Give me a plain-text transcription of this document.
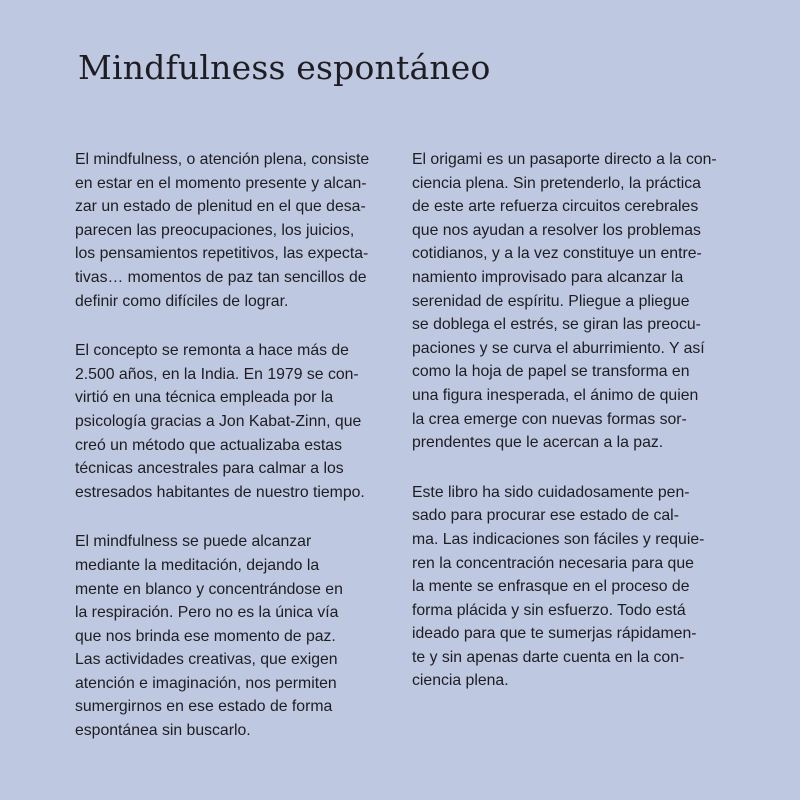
Mindfulness espontáneo

El mindfulness, o atención plena, consiste
en estar en el momento presente y alcan-
zar un estado de plenitud en el que desa-
parecen las preocupaciones, los juicios,
los pensamientos repetitivos, las expecta-
tivas… momentos de paz tan sencillos de
definir como difíciles de lograr.

El concepto se remonta a hace más de
2.500 años, en la India. En 1979 se con-
virtió en una técnica empleada por la
psicología gracias a Jon Kabat-Zinn, que
creó un método que actualizaba estas
técnicas ancestrales para calmar a los
estresados habitantes de nuestro tiempo.

El mindfulness se puede alcanzar
mediante la meditación, dejando la
mente en blanco y concentrándose en
la respiración. Pero no es la única vía
que nos brinda ese momento de paz.
Las actividades creativas, que exigen
atención e imaginación, nos permiten
sumergirnos en ese estado de forma
espontánea sin buscarlo.

El origami es un pasaporte directo a la con-
ciencia plena. Sin pretenderlo, la práctica
de este arte refuerza circuitos cerebrales
que nos ayudan a resolver los problemas
cotidianos, y a la vez constituye un entre-
namiento improvisado para alcanzar la
serenidad de espíritu. Pliegue a pliegue
se doblega el estrés, se giran las preocu-
paciones y se curva el aburrimiento. Y así
como la hoja de papel se transforma en
una figura inesperada, el ánimo de quien
la crea emerge con nuevas formas sor-
prendentes que le acercan a la paz.

Este libro ha sido cuidadosamente pen-
sado para procurar ese estado de cal-
ma. Las indicaciones son fáciles y requie-
ren la concentración necesaria para que
la mente se enfrasque en el proceso de
forma plácida y sin esfuerzo. Todo está
ideado para que te sumerjas rápidamen-
te y sin apenas darte cuenta en la con-
ciencia plena.
